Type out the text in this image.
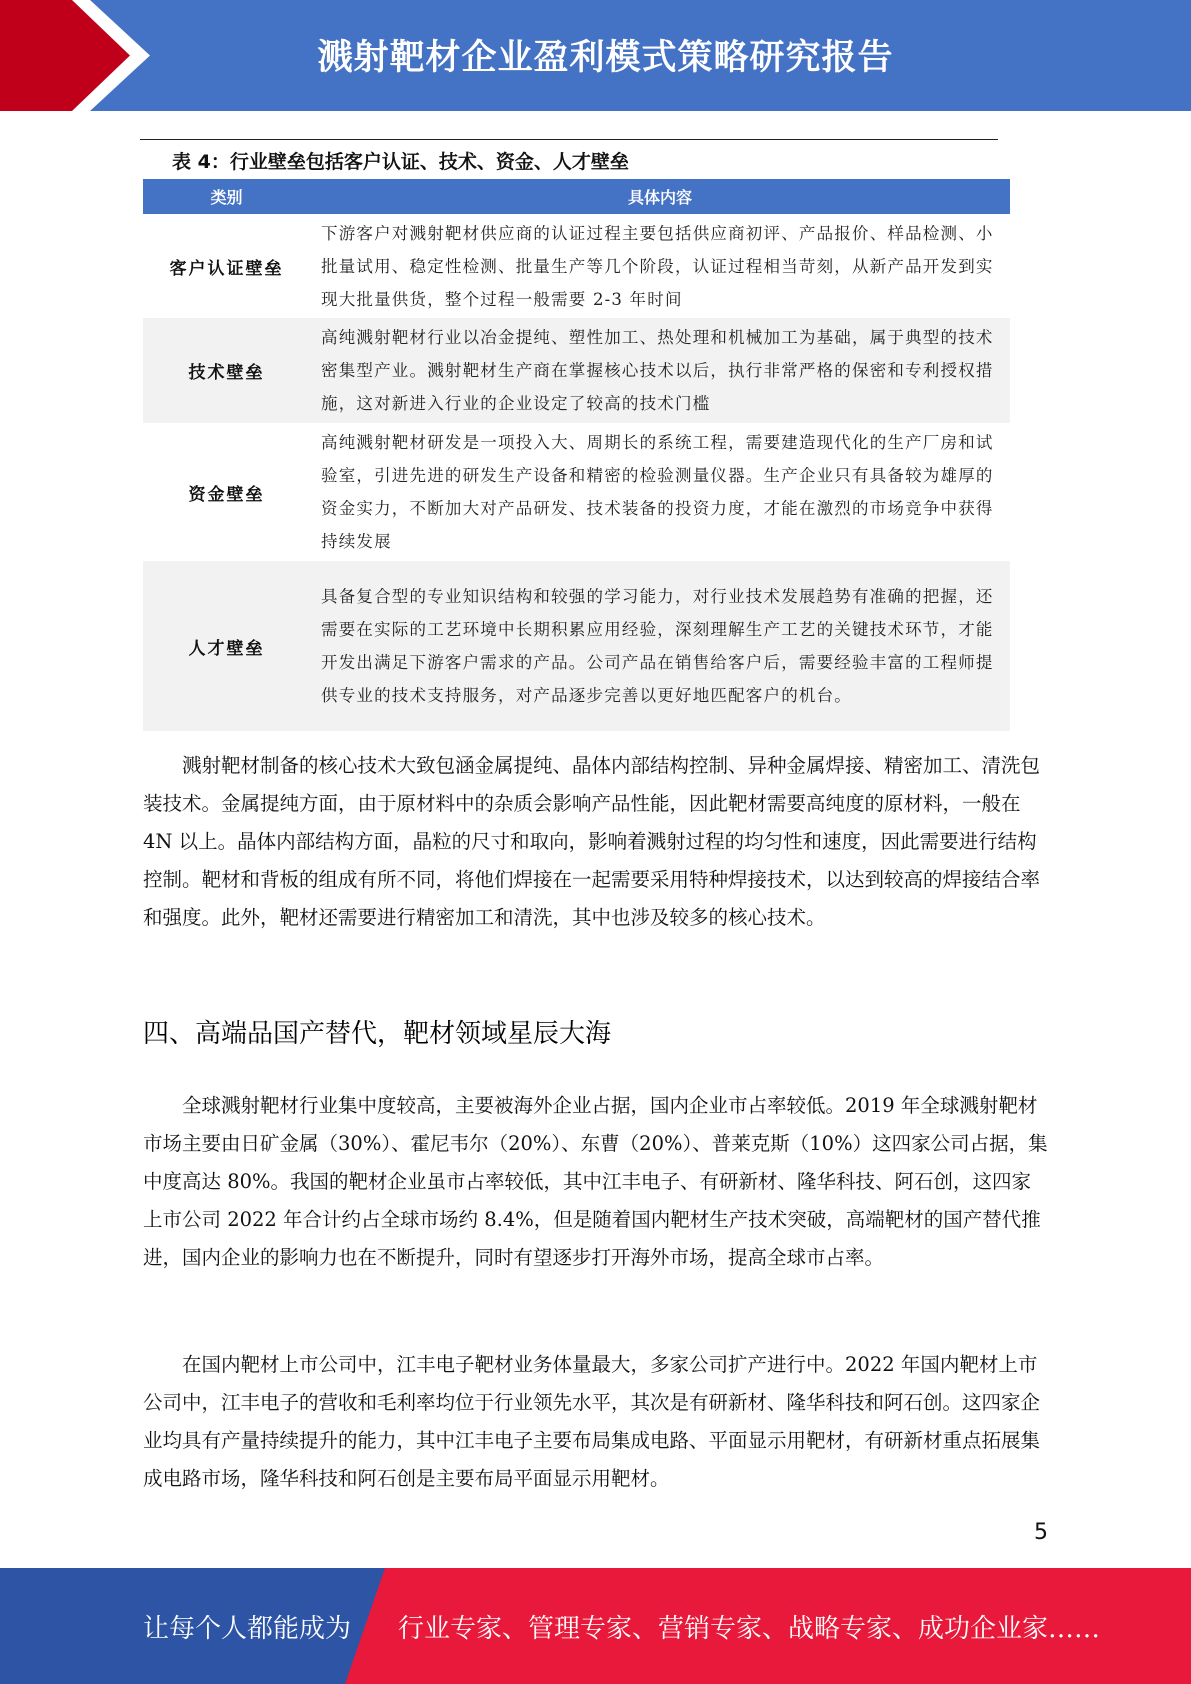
溅射靶材企业盈利模式策略研究报告
表 4：行业壁垒包括客户认证、技术、资金、人才壁垒
类别	具体内容
客户认证壁垒	下游客户对溅射靶材供应商的认证过程主要包括供应商初评、产品报价、样品检测、小批量试用、稳定性检测、批量生产等几个阶段，认证过程相当苛刻，从新产品开发到实现大批量供货，整个过程一般需要 2-3 年时间
技术壁垒	高纯溅射靶材行业以冶金提纯、塑性加工、热处理和机械加工为基础，属于典型的技术密集型产业。溅射靶材生产商在掌握核心技术以后，执行非常严格的保密和专利授权措施，这对新进入行业的企业设定了较高的技术门槛
资金壁垒	高纯溅射靶材研发是一项投入大、周期长的系统工程，需要建造现代化的生产厂房和试验室，引进先进的研发生产设备和精密的检验测量仪器。生产企业只有具备较为雄厚的资金实力，不断加大对产品研发、技术装备的投资力度，才能在激烈的市场竞争中获得持续发展
人才壁垒	具备复合型的专业知识结构和较强的学习能力，对行业技术发展趋势有准确的把握，还需要在实际的工艺环境中长期积累应用经验，深刻理解生产工艺的关键技术环节，才能开发出满足下游客户需求的产品。公司产品在销售给客户后，需要经验丰富的工程师提供专业的技术支持服务，对产品逐步完善以更好地匹配客户的机台。

溅射靶材制备的核心技术大致包涵金属提纯、晶体内部结构控制、异种金属焊接、精密加工、清洗包装技术。金属提纯方面，由于原材料中的杂质会影响产品性能，因此靶材需要高纯度的原材料，一般在 4N 以上。晶体内部结构方面，晶粒的尺寸和取向，影响着溅射过程的均匀性和速度，因此需要进行结构控制。靶材和背板的组成有所不同，将他们焊接在一起需要采用特种焊接技术，以达到较高的焊接结合率和强度。此外，靶材还需要进行精密加工和清洗，其中也涉及较多的核心技术。

四、高端品国产替代，靶材领域星辰大海

全球溅射靶材行业集中度较高，主要被海外企业占据，国内企业市占率较低。2019 年全球溅射靶材市场主要由日矿金属（30%）、霍尼韦尔（20%）、东曹（20%）、普莱克斯（10%）这四家公司占据，集中度高达 80%。我国的靶材企业虽市占率较低，其中江丰电子、有研新材、隆华科技、阿石创，这四家上市公司 2022 年合计约占全球市场约 8.4%，但是随着国内靶材生产技术突破，高端靶材的国产替代推进，国内企业的影响力也在不断提升，同时有望逐步打开海外市场，提高全球市占率。

在国内靶材上市公司中，江丰电子靶材业务体量最大，多家公司扩产进行中。2022 年国内靶材上市公司中，江丰电子的营收和毛利率均位于行业领先水平，其次是有研新材、隆华科技和阿石创。这四家企业均具有产量持续提升的能力，其中江丰电子主要布局集成电路、平面显示用靶材，有研新材重点拓展集成电路市场，隆华科技和阿石创是主要布局平面显示用靶材。

5
让每个人都能成为 行业专家、管理专家、营销专家、战略专家、成功企业家……
